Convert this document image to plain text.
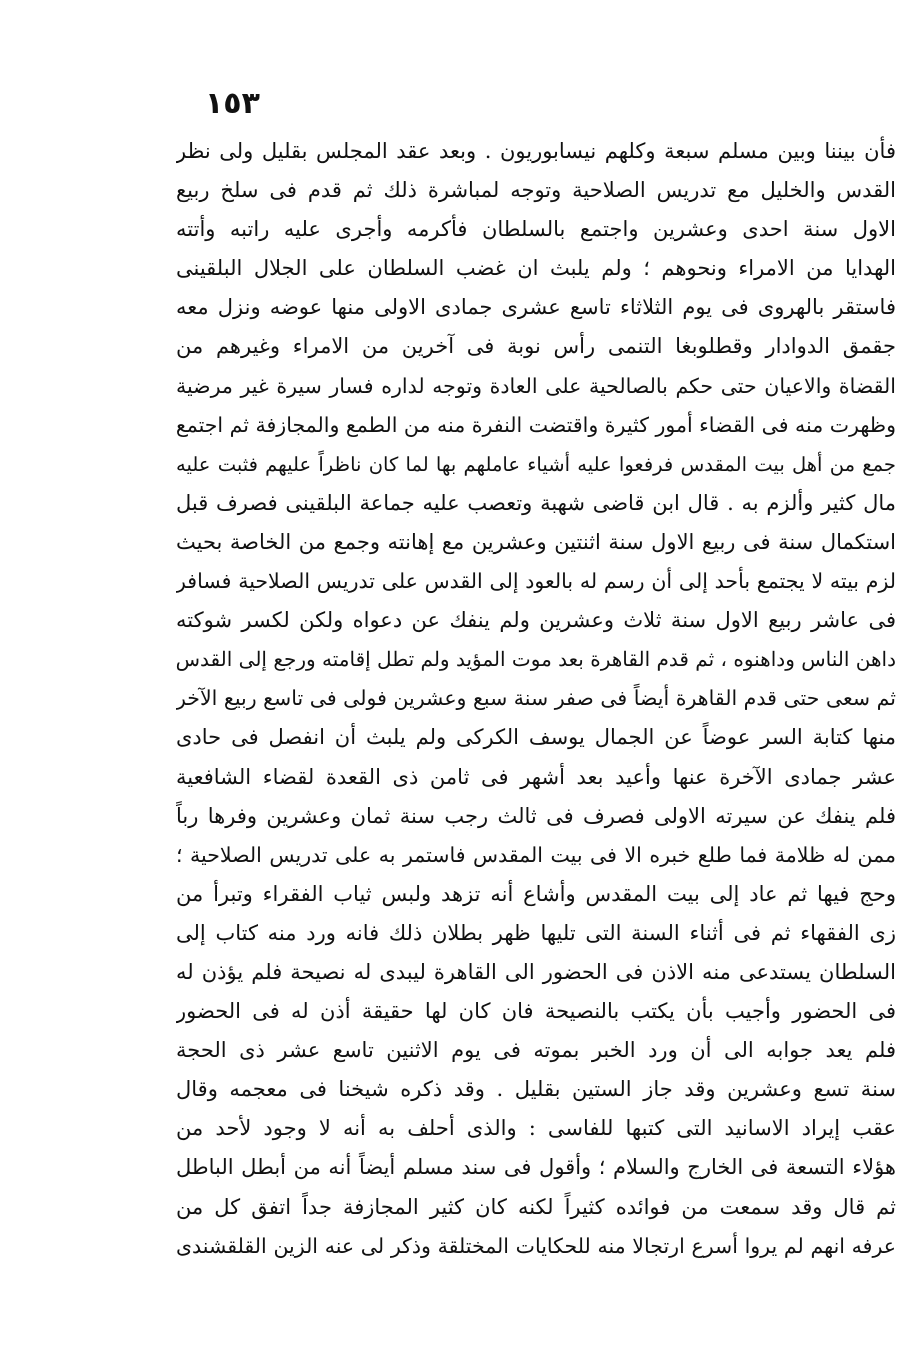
١٥٣
فأن بيننا وبين مسلم سبعة وكلهم نيسابوريون . وبعد عقد المجلس بقليل ولى نظر
القدس والخليل مع تدريس الصلاحية وتوجه لمباشرة ذلك ثم قدم فى سلخ ربيع
الاول سنة احدى وعشرين واجتمع بالسلطان فأكرمه وأجرى عليه راتبه وأتته
الهدايا من الامراء ونحوهم ؛ ولم يلبث ان غضب السلطان على الجلال البلقينى
فاستقر بالهروى فى يوم الثلاثاء تاسع عشرى جمادى الاولى منها عوضه ونزل معه
جقمق الدوادار وقطلوبغا التنمى رأس نوبة فى آخرين من الامراء وغيرهم من
القضاة والاعيان حتى حكم بالصالحية على العادة وتوجه لداره فسار سيرة غير مرضية
وظهرت منه فى القضاء أمور كثيرة واقتضت النفرة منه من الطمع والمجازفة ثم اجتمع
جمع من أهل بيت المقدس فرفعوا عليه أشياء عاملهم بها لما كان ناظراً عليهم فثبت عليه
مال كثير وألزم به . قال ابن قاضى شهبة وتعصب عليه جماعة البلقينى فصرف قبل
استكمال سنة فى ربيع الاول سنة اثنتين وعشرين مع إهانته وجمع من الخاصة بحيث
لزم بيته لا يجتمع بأحد إلى أن رسم له بالعود إلى القدس على تدريس الصلاحية فسافر
فى عاشر ربيع الاول سنة ثلاث وعشرين ولم ينفك عن دعواه ولكن لكسر شوكته
داهن الناس وداهنوه ، ثم قدم القاهرة بعد موت المؤيد ولم تطل إقامته ورجع إلى القدس
ثم سعى حتى قدم القاهرة أيضاً فى صفر سنة سبع وعشرين فولى فى تاسع ربيع الآخر
منها كتابة السر عوضاً عن الجمال يوسف الكركى ولم يلبث أن انفصل فى حادى
عشر جمادى الآخرة عنها وأعيد بعد أشهر فى ثامن ذى القعدة لقضاء الشافعية
فلم ينفك عن سيرته الاولى فصرف فى ثالث رجب سنة ثمان وعشرين وفرها رباً
ممن له ظلامة فما طلع خبره الا فى بيت المقدس فاستمر به على تدريس الصلاحية ؛
وحج فيها ثم عاد إلى بيت المقدس وأشاع أنه تزهد ولبس ثياب الفقراء وتبرأ من
زى الفقهاء ثم فى أثناء السنة التى تليها ظهر بطلان ذلك فانه ورد منه كتاب إلى
السلطان يستدعى منه الاذن فى الحضور الى القاهرة ليبدى له نصيحة فلم يؤذن له
فى الحضور وأجيب بأن يكتب بالنصيحة فان كان لها حقيقة أذن له فى الحضور
فلم يعد جوابه الى أن ورد الخبر بموته فى يوم الاثنين تاسع عشر ذى الحجة
سنة تسع وعشرين وقد جاز الستين بقليل . وقد ذكره شيخنا فى معجمه وقال
عقب إيراد الاسانيد التى كتبها للفاسى : والذى أحلف به أنه لا وجود لأحد من
هؤلاء التسعة فى الخارج والسلام ؛ وأقول فى سند مسلم أيضاً أنه من أبطل الباطل
ثم قال وقد سمعت من فوائده كثيراً لكنه كان كثير المجازفة جداً اتفق كل من
عرفه انهم لم يروا أسرع ارتجالا منه للحكايات المختلقة وذكر لى عنه الزين القلقشندى
